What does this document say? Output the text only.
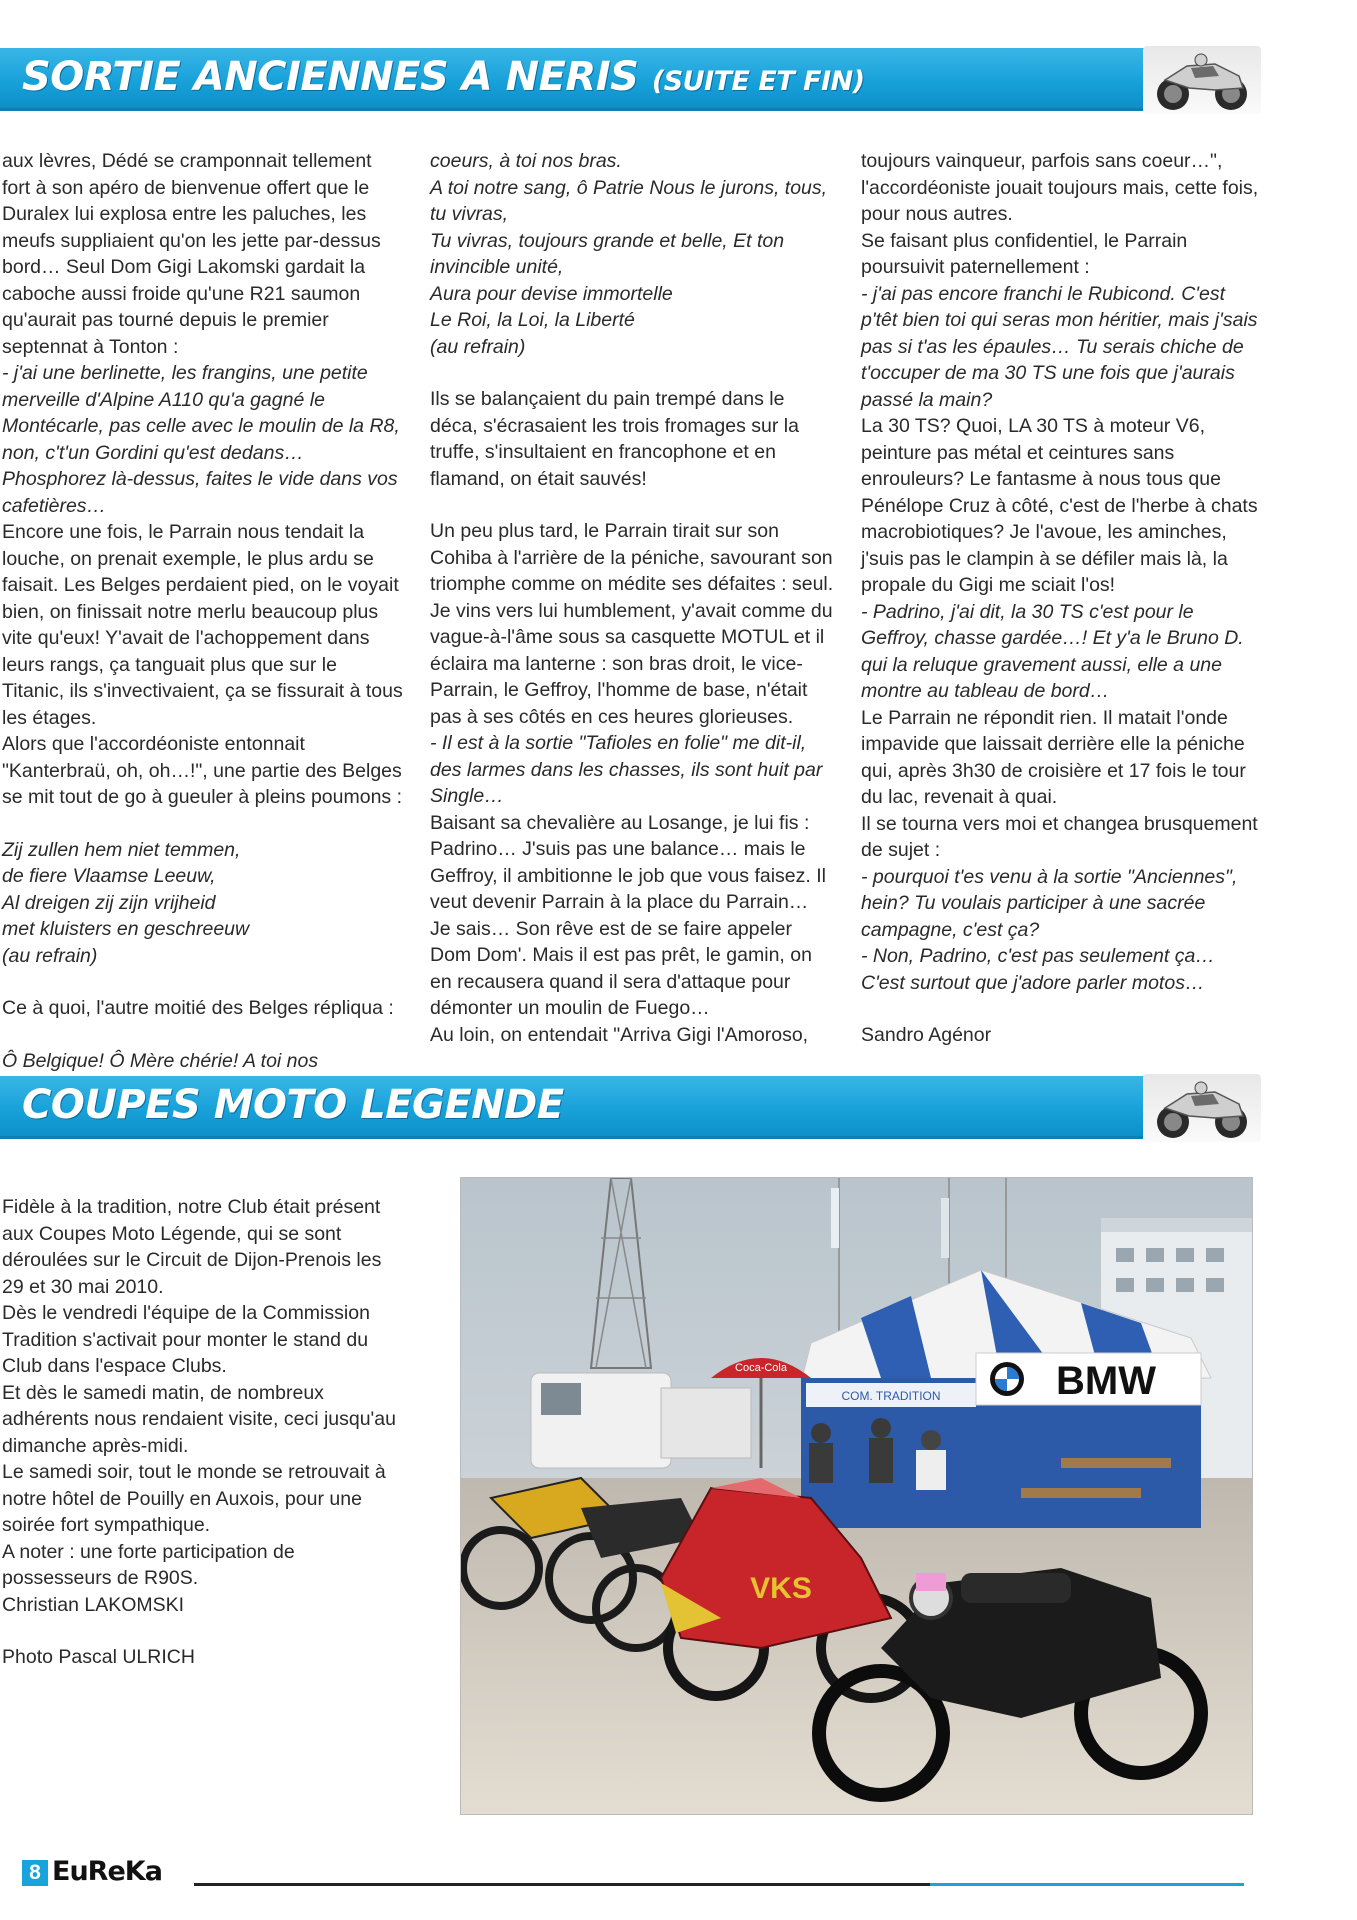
SORTIE ANCIENNES A NERIS (SUITE ET FIN)

aux lèvres, Dédé se cramponnait tellement fort à son apéro de bienvenue offert que le Duralex lui explosa entre les paluches, les meufs suppliaient qu'on les jette par-dessus bord… Seul Dom Gigi Lakomski gardait la caboche aussi froide qu'une R21 saumon qu'aurait pas tourné depuis le premier septennat à Tonton :

- j'ai une berlinette, les frangins, une petite merveille d'Alpine A110 qu'a gagné le Montécarle, pas celle avec le moulin de la R8, non, c't'un Gordini qu'est dedans… Phosphorez là-dessus, faites le vide dans vos cafetières…

Encore une fois, le Parrain nous tendait la louche, on prenait exemple, le plus ardu se faisait. Les Belges perdaient pied, on le voyait bien, on finissait notre merlu beaucoup plus vite qu'eux! Y'avait de l'achoppement dans leurs rangs, ça tanguait plus que sur le Titanic, ils s'invectivaient, ça se fissurait à tous les étages.

Alors que l'accordéoniste entonnait "Kanterbraü, oh, oh…!", une partie des Belges se mit tout de go à gueuler à pleins poumons :

Zij zullen hem niet temmen,
de fiere Vlaamse Leeuw,
Al dreigen zij zijn vrijheid
met kluisters en geschreeuw
(au refrain)

Ce à quoi, l'autre moitié des Belges répliqua :

Ô Belgique! Ô Mère chérie! A toi nos

coeurs, à toi nos bras.
A toi notre sang, ô Patrie Nous le jurons, tous, tu vivras,
Tu vivras, toujours grande et belle, Et ton invincible unité,
Aura pour devise immortelle
Le Roi, la Loi, la Liberté
(au refrain)

Ils se balançaient du pain trempé dans le déca, s'écrasaient les trois fromages sur la truffe, s'insultaient en francophone et en flamand, on était sauvés!

Un peu plus tard, le Parrain tirait sur son Cohiba à l'arrière de la péniche, savourant son triomphe comme on médite ses défaites : seul.

Je vins vers lui humblement, y'avait comme du vague-à-l'âme sous sa casquette MOTUL et il éclaira ma lanterne : son bras droit, le vice-Parrain, le Geffroy, l'homme de base, n'était pas à ses côtés en ces heures glorieuses.

- Il est à la sortie "Tafioles en folie" me dit-il, des larmes dans les chasses, ils sont huit par Single…

Baisant sa chevalière au Losange, je lui fis : Padrino… J'suis pas une balance… mais le Geffroy, il ambitionne le job que vous faisez. Il veut devenir Parrain à la place du Parrain… Je sais… Son rêve est de se faire appeler Dom Dom'. Mais il est pas prêt, le gamin, on en recausera quand il sera d'attaque pour démonter un moulin de Fuego…

Au loin, on entendait "Arriva Gigi l'Amoroso,

toujours vainqueur, parfois sans coeur…", l'accordéoniste jouait toujours mais, cette fois, pour nous autres.

Se faisant plus confidentiel, le Parrain poursuivit paternellement :

- j'ai pas encore franchi le Rubicond. C'est p'têt bien toi qui seras mon héritier, mais j'sais pas si t'as les épaules… Tu serais chiche de t'occuper de ma 30 TS une fois que j'aurais passé la main?

La 30 TS? Quoi, LA 30 TS à moteur V6, peinture pas métal et ceintures sans enrouleurs? Le fantasme à nous tous que Pénélope Cruz à côté, c'est de l'herbe à chats macrobiotiques? Je l'avoue, les aminches, j'suis pas le clampin à se défiler mais là, la propale du Gigi me sciait l'os!

- Padrino, j'ai dit, la 30 TS c'est pour le Geffroy, chasse gardée…! Et y'a le Bruno D. qui la reluque gravement aussi, elle a une montre au tableau de bord…

Le Parrain ne répondit rien. Il matait l'onde impavide que laissait derrière elle la péniche qui, après 3h30 de croisière et 17 fois le tour du lac, revenait à quai.

Il se tourna vers moi et changea brusquement de sujet :

- pourquoi t'es venu à la sortie "Anciennes", hein? Tu voulais participer à une sacrée campagne, c'est ça?
- Non, Padrino, c'est pas seulement ça… C'est surtout que j'adore parler motos…

Sandro Agénor

COUPES MOTO LEGENDE

Fidèle à la tradition, notre Club était présent aux Coupes Moto Légende, qui se sont déroulées sur le Circuit de Dijon-Prenois les 29 et 30 mai 2010.

Dès le vendredi l'équipe de la Commission Tradition s'activait pour monter le stand du Club dans l'espace Clubs.

Et dès le samedi matin, de nombreux adhérents nous rendaient visite, ceci jusqu'au dimanche après-midi.

Le samedi soir, tout le monde se retrouvait à notre hôtel de Pouilly en Auxois, pour une soirée fort sympathique.

A noter : une forte participation de possesseurs de R90S.

Christian LAKOMSKI

Photo Pascal ULRICH

COM. TRADITION	BMW
Coca-Cola
VKS
8 EuReKa
